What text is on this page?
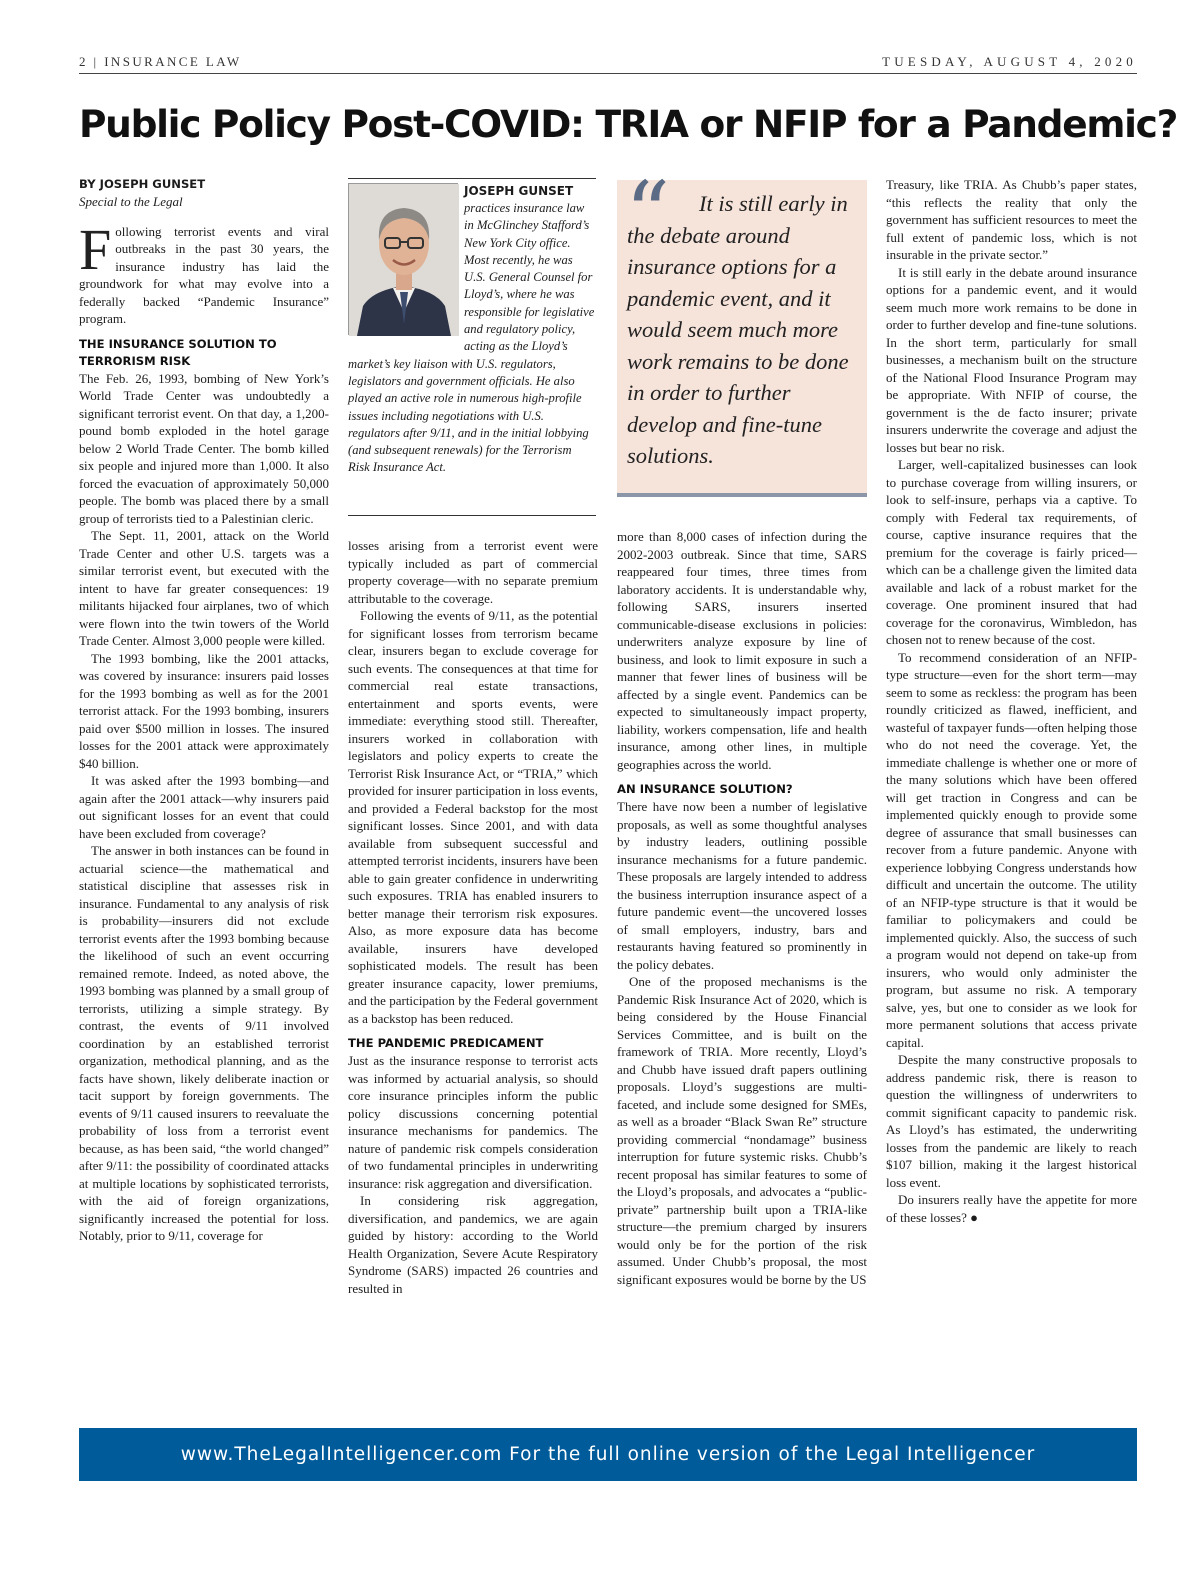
2 | INSURANCE LAW	TUESDAY, AUGUST 4, 2020
Public Policy Post-COVID: TRIA or NFIP for a Pandemic?
BY JOSEPH GUNSET
Special to the Legal

Following terrorist events and viral outbreaks in the past 30 years, the insurance industry has laid the groundwork for what may evolve into a federally backed “Pandemic Insurance” program.

THE INSURANCE SOLUTION TO TERRORISM RISK

The Feb. 26, 1993, bombing of New York’s World Trade Center was undoubtedly a significant terrorist event. On that day, a 1,200-pound bomb exploded in the hotel garage below 2 World Trade Center. The bomb killed six people and injured more than 1,000. It also forced the evacuation of approximately 50,000 people. The bomb was placed there by a small group of terrorists tied to a Palestinian cleric.

The Sept. 11, 2001, attack on the World Trade Center and other U.S. targets was a similar terrorist event, but executed with the intent to have far greater consequences: 19 militants hijacked four airplanes, two of which were flown into the twin towers of the World Trade Center. Almost 3,000 people were killed.

The 1993 bombing, like the 2001 attacks, was covered by insurance: insurers paid losses for the 1993 bombing as well as for the 2001 terrorist attack. For the 1993 bombing, insurers paid over $500 million in losses. The insured losses for the 2001 attack were approximately $40 billion.

It was asked after the 1993 bombing—and again after the 2001 attack—why insurers paid out significant losses for an event that could have been excluded from coverage?

The answer in both instances can be found in actuarial science—the mathematical and statistical discipline that assesses risk in insurance. Fundamental to any analysis of risk is probability—insurers did not exclude terrorist events after the 1993 bombing because the likelihood of such an event occurring remained remote. Indeed, as noted above, the 1993 bombing was planned by a small group of terrorists, utilizing a simple strategy. By contrast, the events of 9/11 involved coordination by an established terrorist organization, methodical planning, and as the facts have shown, likely deliberate inaction or tacit support by foreign governments. The events of 9/11 caused insurers to reevaluate the probability of loss from a terrorist event because, as has been said, “the world changed” after 9/11: the possibility of coordinated attacks at multiple locations by sophisticated terrorists, with the aid of foreign organizations, significantly increased the potential for loss. Notably, prior to 9/11, coverage for

JOSEPH GUNSET
practices insurance law in McGlinchey Stafford’s New York City office. Most recently, he was U.S. General Counsel for Lloyd’s, where he was responsible for legislative and regulatory policy, acting as the Lloyd’s market’s key liaison with U.S. regulators, legislators and government officials. He also played an active role in numerous high-profile issues including negotiations with U.S. regulators after 9/11, and in the initial lobbying (and subsequent renewals) for the Terrorism Risk Insurance Act.
“	It is still early in the debate around insurance options for a pandemic event, and it would seem much more work remains to be done in order to further develop and fine-tune solutions.

losses arising from a terrorist event were typically included as part of commercial property coverage—with no separate premium attributable to the coverage.

Following the events of 9/11, as the potential for significant losses from terrorism became clear, insurers began to exclude coverage for such events. The consequences at that time for commercial real estate transactions, entertainment and sports events, were immediate: everything stood still. Thereafter, insurers worked in collaboration with legislators and policy experts to create the Terrorist Risk Insurance Act, or “TRIA,” which provided for insurer participation in loss events, and provided a Federal backstop for the most significant losses. Since 2001, and with data available from subsequent successful and attempted terrorist incidents, insurers have been able to gain greater confidence in underwriting such exposures. TRIA has enabled insurers to better manage their terrorism risk exposures. Also, as more exposure data has become available, insurers have developed sophisticated models. The result has been greater insurance capacity, lower premiums, and the participation by the Federal government as a backstop has been reduced.

THE PANDEMIC PREDICAMENT

Just as the insurance response to terrorist acts was informed by actuarial analysis, so should core insurance principles inform the public policy discussions concerning potential insurance mechanisms for pandemics. The nature of pandemic risk compels consideration of two fundamental principles in underwriting insurance: risk aggregation and diversification.

In considering risk aggregation, diversification, and pandemics, we are again guided by history: according to the World Health Organization, Severe Acute Respiratory Syndrome (SARS) impacted 26 countries and resulted in

more than 8,000 cases of infection during the 2002-2003 outbreak. Since that time, SARS reappeared four times, three times from laboratory accidents. It is understandable why, following SARS, insurers inserted communicable-disease exclusions in policies: underwriters analyze exposure by line of business, and look to limit exposure in such a manner that fewer lines of business will be affected by a single event. Pandemics can be expected to simultaneously impact property, liability, workers compensation, life and health insurance, among other lines, in multiple geographies across the world.

AN INSURANCE SOLUTION?

There have now been a number of legislative proposals, as well as some thoughtful analyses by industry leaders, outlining possible insurance mechanisms for a future pandemic. These proposals are largely intended to address the business interruption insurance aspect of a future pandemic event—the uncovered losses of small employers, industry, bars and restaurants having featured so prominently in the policy debates.

One of the proposed mechanisms is the Pandemic Risk Insurance Act of 2020, which is being considered by the House Financial Services Committee, and is built on the framework of TRIA. More recently, Lloyd’s and Chubb have issued draft papers outlining proposals. Lloyd’s suggestions are multi-faceted, and include some designed for SMEs, as well as a broader “Black Swan Re” structure providing commercial “nondamage” business interruption for future systemic risks. Chubb’s recent proposal has similar features to some of the Lloyd’s proposals, and advocates a “public-private” partnership built upon a TRIA-like structure—the premium charged by insurers would only be for the portion of the risk assumed. Under Chubb’s proposal, the most significant exposures would be borne by the US

Treasury, like TRIA. As Chubb’s paper states, “this reflects the reality that only the government has sufficient resources to meet the full extent of pandemic loss, which is not insurable in the private sector.”

It is still early in the debate around insurance options for a pandemic event, and it would seem much more work remains to be done in order to further develop and fine-tune solutions. In the short term, particularly for small businesses, a mechanism built on the structure of the National Flood Insurance Program may be appropriate. With NFIP of course, the government is the de facto insurer; private insurers underwrite the coverage and adjust the losses but bear no risk.

Larger, well-capitalized businesses can look to purchase coverage from willing insurers, or look to self-insure, perhaps via a captive. To comply with Federal tax requirements, of course, captive insurance requires that the premium for the coverage is fairly priced—which can be a challenge given the limited data available and lack of a robust market for the coverage. One prominent insured that had coverage for the coronavirus, Wimbledon, has chosen not to renew because of the cost.

To recommend consideration of an NFIP-type structure—even for the short term—may seem to some as reckless: the program has been roundly criticized as flawed, inefficient, and wasteful of taxpayer funds—often helping those who do not need the coverage. Yet, the immediate challenge is whether one or more of the many solutions which have been offered will get traction in Congress and can be implemented quickly enough to provide some degree of assurance that small businesses can recover from a future pandemic. Anyone with experience lobbying Congress understands how difficult and uncertain the outcome. The utility of an NFIP-type structure is that it would be familiar to policymakers and could be implemented quickly. Also, the success of such a program would not depend on take-up from insurers, who would only administer the program, but assume no risk. A temporary salve, yes, but one to consider as we look for more permanent solutions that access private capital.

Despite the many constructive proposals to address pandemic risk, there is reason to question the willingness of underwriters to commit significant capacity to pandemic risk. As Lloyd’s has estimated, the underwriting losses from the pandemic are likely to reach $107 billion, making it the largest historical loss event.

Do insurers really have the appetite for more of these losses? ●

www.TheLegalIntelligencer.com For the full online version of the Legal Intelligencer
